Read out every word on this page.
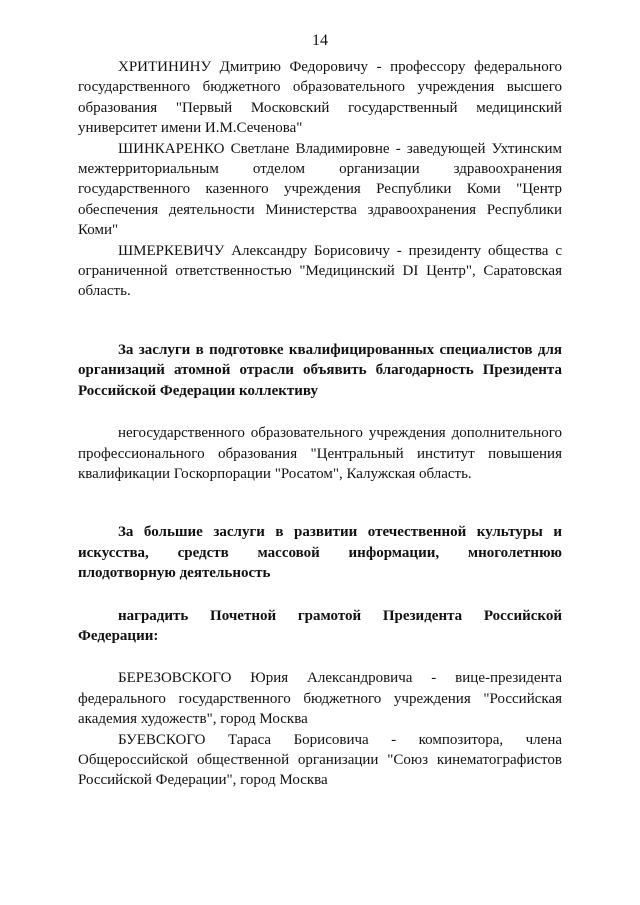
14

ХРИТИНИНУ Дмитрию Федоровичу - профессору федерального государственного бюджетного образовательного учреждения высшего образования "Первый Московский государственный медицинский университет имени И.М.Сеченова"

ШИНКАРЕНКО Светлане Владимировне - заведующей Ухтинским межтерриториальным отделом организации здравоохранения государственного казенного учреждения Республики Коми "Центр обеспечения деятельности Министерства здравоохранения Республики Коми"

ШМЕРКЕВИЧУ Александру Борисовичу - президенту общества с ограниченной ответственностью "Медицинский DI Центр", Саратовская область.

За заслуги в подготовке квалифицированных специалистов для организаций атомной отрасли объявить благодарность Президента Российской Федерации коллективу

негосударственного образовательного учреждения дополнительного профессионального образования "Центральный институт повышения квалификации Госкорпорации "Росатом", Калужская область.

За большие заслуги в развитии отечественной культуры и искусства, средств массовой информации, многолетнюю плодотворную деятельность

наградить Почетной грамотой Президента Российской Федерации:

БЕРЕЗОВСКОГО Юрия Александровича - вице-президента федерального государственного бюджетного учреждения "Российская академия художеств", город Москва

БУЕВСКОГО Тараса Борисовича - композитора, члена Общероссийской общественной организации "Союз кинематографистов Российской Федерации", город Москва
